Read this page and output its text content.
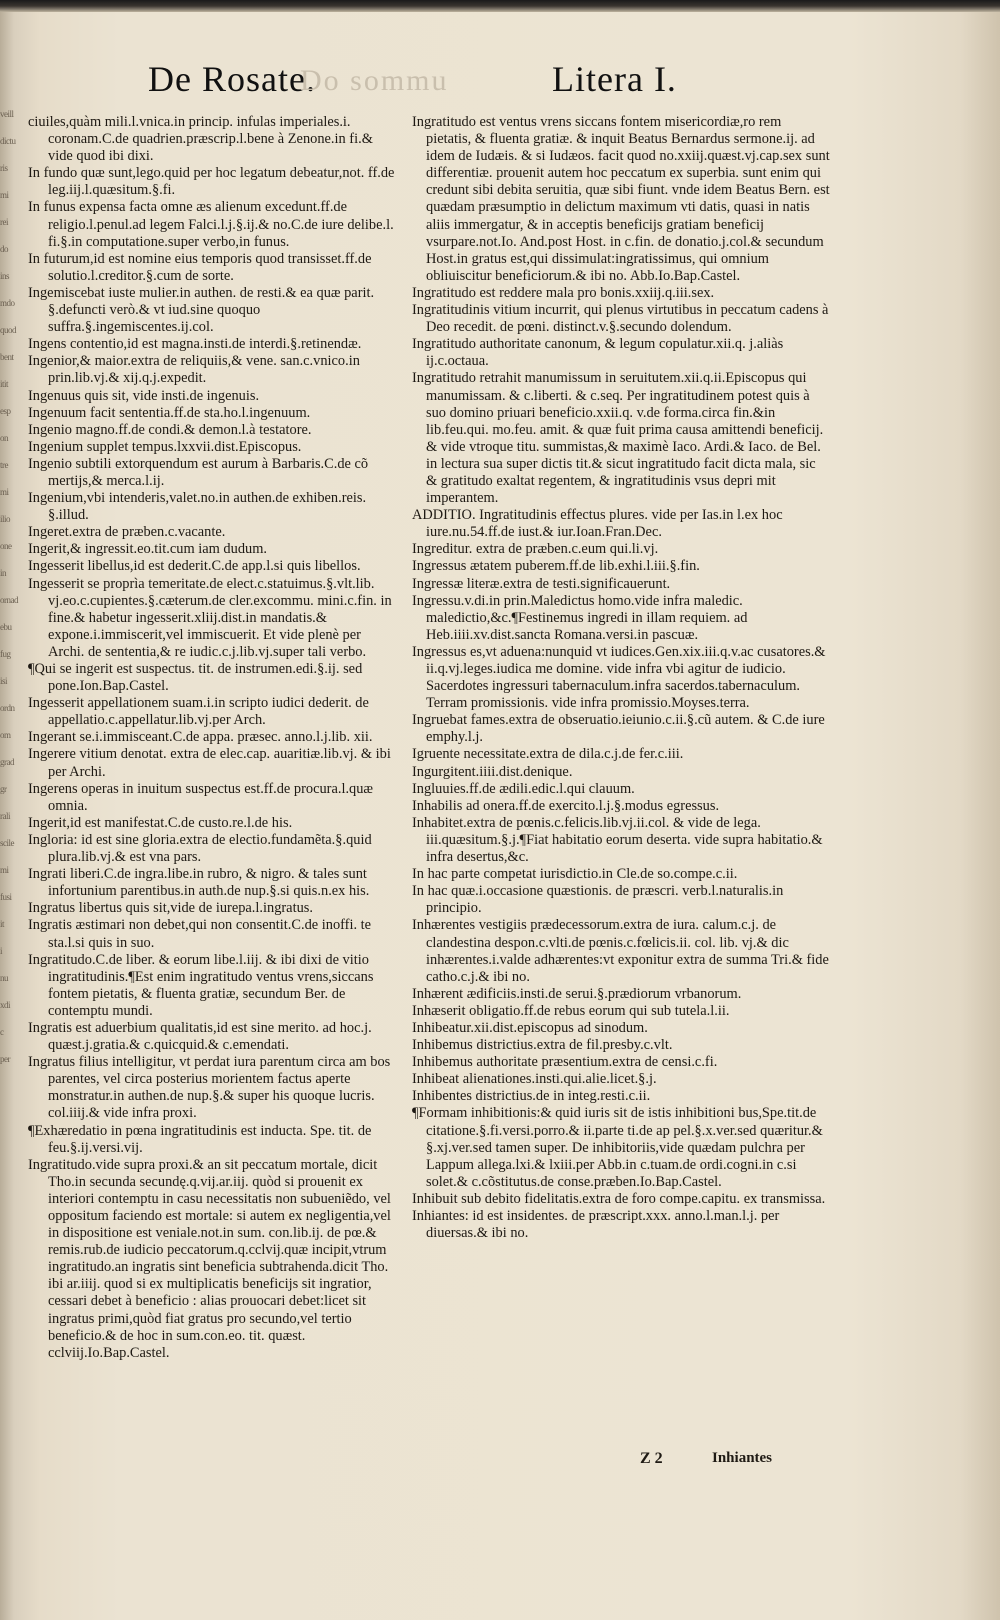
veill
dictu
ris
mi
rei
do
ins
mdo
quod
bent
itit
esp
on
tre
mi
ilio
one
in
ornad
ebu
fug
isi
ordn
om
grad
gr
rali
scile
mi
fusi
it
i
nu
xdi
c
per
De Rosate.
Do sommu	Litera I.

ciuiles,quàm mili.l.vnica.in princip. infulas imperiales.i. coronam.C.de quadrien.præscrip.l.bene à Zenone.in fi.& vide quod ibi dixi.

In fundo quæ sunt,lego.quid per hoc legatum debeatur,not. ff.de leg.iij.l.quæsitum.§.fi.

In funus expensa facta omne æs alienum excedunt.ff.de religio.l.penul.ad legem Falci.l.j.§.ij.& no.C.de iure delibe.l. fi.§.in computatione.super verbo,in funus.

In futurum,id est nomine eius temporis quod transisset.ff.de solutio.l.creditor.§.cum de sorte.

Ingemiscebat iuste mulier.in authen. de resti.& ea quæ parit. §.defuncti verò.& vt iud.sine quoquo suffra.§.ingemiscentes.ij.col.

Ingens contentio,id est magna.insti.de interdi.§.retinendæ.

Ingenior,& maior.extra de reliquiis,& vene. san.c.vnico.in prin.lib.vj.& xij.q.j.expedit.

Ingenuus quis sit, vide insti.de ingenuis.

Ingenuum facit sententia.ff.de sta.ho.l.ingenuum.

Ingenio magno.ff.de condi.& demon.l.à testatore.

Ingenium supplet tempus.lxxvii.dist.Episcopus.

Ingenio subtili extorquendum est aurum à Barbaris.C.de cõ mertijs,& merca.l.ij.

Ingenium,vbi intenderis,valet.no.in authen.de exhiben.reis. §.illud.

Ingeret.extra de præben.c.vacante.

Ingerit,& ingressit.eo.tit.cum iam dudum.

Ingesserit libellus,id est dederit.C.de app.l.si quis libellos.

Ingesserit se proprìa temeritate.de elect.c.statuimus.§.vlt.lib. vj.eo.c.cupientes.§.cæterum.de cler.excommu. mini.c.fin. in fine.& habetur ingesserit.xliij.dist.in mandatis.& expone.i.immiscerit,vel immiscuerit. Et vide plenè per Archi. de sententia,& re iudic.c.j.lib.vj.super tali verbo.

¶Qui se ingerit est suspectus. tit. de instrumen.edi.§.ij. sed pone.Ion.Bap.Castel.

Ingesserit appellationem suam.i.in scripto iudici dederit. de appellatio.c.appellatur.lib.vj.per Arch.

Ingerant se.i.immisceant.C.de appa. præsec. anno.l.j.lib. xii.

Ingerere vitium denotat. extra de elec.cap. auaritiæ.lib.vj. & ibi per Archi.

Ingerens operas in inuitum suspectus est.ff.de procura.l.quæ omnia.

Ingerit,id est manifestat.C.de custo.re.l.de his.

Ingloria: id est sine gloria.extra de electio.fundamẽta.§.quid plura.lib.vj.& est vna pars.

Ingrati liberi.C.de ingra.libe.in rubro, & nigro. & tales sunt infortunium parentibus.in auth.de nup.§.si quis.n.ex his.

Ingratus libertus quis sit,vide de iurepa.l.ingratus.

Ingratis æstimari non debet,qui non consentit.C.de inoffi. te sta.l.si quis in suo.

Ingratitudo.C.de liber. & eorum libe.l.iij. & ibi dixi de vitio ingratitudinis.¶Est enim ingratitudo ventus vrens,siccans fontem pietatis, & fluenta gratiæ, secundum Ber. de contemptu mundi.

Ingratis est aduerbium qualitatis,id est sine merito. ad hoc.j. quæst.j.gratia.& c.quicquid.& c.emendati.

Ingratus filius intelligitur, vt perdat iura parentum circa am bos parentes, vel circa posterius morientem factus aperte monstratur.in authen.de nup.§.& super his quoque lucris. col.iiij.& vide infra proxi.

¶Exhæredatio in pœna ingratitudinis est inducta. Spe. tit. de feu.§.ij.versi.vij.

Ingratitudo.vide supra proxi.& an sit peccatum mortale, dicit Tho.in secunda secundę.q.vij.ar.iij. quòd si prouenit ex interiori contemptu in casu necessitatis non subueniẽdo, vel oppositum faciendo est mortale: si autem ex negligentia,vel in dispositione est veniale.not.in sum. con.lib.ij. de pœ.& remis.rub.de iudicio peccatorum.q.cclvij.quæ incipit,vtrum ingratitudo.an ingratis sint beneficia subtrahenda.dicit Tho. ibi ar.iiij. quod si ex multiplicatis beneficijs sit ingratior, cessari debet à beneficio : alias prouocari debet:licet sit ingratus primi,quòd fiat gratus pro secundo,vel tertio beneficio.& de hoc in sum.con.eo. tit. quæst. cclviij.Io.Bap.Castel.

Ingratitudo est ventus vrens siccans fontem misericordiæ,ro rem pietatis, & fluenta gratiæ. & inquit Beatus Bernardus sermone.ij. ad idem de Iudæis. & si Iudæos. facit quod no.xxiij.quæst.vj.cap.sex sunt differentiæ. prouenit autem hoc peccatum ex superbia. sunt enim qui credunt sibi debita seruitia, quæ sibi fiunt. vnde idem Beatus Bern. est quædam præsumptio in delictum maximum vti datis, quasi in natis aliis immergatur, & in acceptis beneficijs gratiam beneficij vsurpare.not.Io. And.post Host. in c.fin. de donatio.j.col.& secundum Host.in gratus est,qui dissimulat:ingratissimus, qui omnium obliuiscitur beneficiorum.& ibi no. Abb.Io.Bap.Castel.

Ingratitudo est reddere mala pro bonis.xxiij.q.iii.sex.

Ingratitudinis vitium incurrit, qui plenus virtutibus in peccatum cadens à Deo recedit. de pœni. distinct.v.§.secundo dolendum.

Ingratitudo authoritate canonum, & legum copulatur.xii.q. j.aliàs ij.c.octaua.

Ingratitudo retrahit manumissum in seruitutem.xii.q.ii.Episcopus qui manumissam. & c.liberti. & c.seq. Per ingratitudinem potest quis à suo domino priuari beneficio.xxii.q. v.de forma.circa fin.&in lib.feu.qui. mo.feu. amit. & quæ fuit prima causa amittendi beneficij. & vide vtroque titu. summistas,& maximè Iaco. Ardi.& Iaco. de Bel. in lectura sua super dictis tit.& sicut ingratitudo facit dicta mala, sic & gratitudo exaltat regentem, & ingratitudinis vsus depri mit imperantem.

ADDITIO. Ingratitudinis effectus plures. vide per Ias.in l.ex hoc iure.nu.54.ff.de iust.& iur.Ioan.Fran.Dec.

Ingreditur. extra de præben.c.eum qui.li.vj.

Ingressus ætatem puberem.ff.de lib.exhi.l.iii.§.fin.

Ingressæ literæ.extra de testi.significauerunt.

Ingressu.v.di.in prin.Maledictus homo.vide infra maledic. maledictio,&c.¶Festinemus ingredi in illam requiem. ad Heb.iiii.xv.dist.sancta Romana.versi.in pascuæ.

Ingressus es,vt aduena:nunquid vt iudices.Gen.xix.iii.q.v.ac cusatores.& ii.q.vj.leges.iudica me domine. vide infra vbi agitur de iudicio. Sacerdotes ingressuri tabernaculum.infra sacerdos.tabernaculum. Terram promissionis. vide infra promissio.Moyses.terra.

Ingruebat fames.extra de obseruatio.ieiunio.c.ii.§.cũ autem. & C.de iure emphy.l.j.

Igruente necessitate.extra de dila.c.j.de fer.c.iii.

Ingurgitent.iiii.dist.denique.

Ingluuies.ff.de ædili.edic.l.qui clauum.

Inhabilis ad onera.ff.de exercito.l.j.§.modus egressus.

Inhabitet.extra de pœnis.c.felicis.lib.vj.ii.col. & vide de lega. iii.quæsitum.§.j.¶Fiat habitatio eorum deserta. vide supra habitatio.& infra desertus,&c.

In hac parte competat iurisdictio.in Cle.de so.compe.c.ii.

In hac quæ.i.occasione quæstionis. de præscri. verb.l.naturalis.in principio.

Inhærentes vestigiis prædecessorum.extra de iura. calum.c.j. de clandestina despon.c.vlti.de pœnis.c.fœlicis.ii. col. lib. vj.& dic inhærentes.i.valde adhærentes:vt exponitur extra de summa Tri.& fide catho.c.j.& ibi no.

Inhærent ædificiis.insti.de serui.§.prædiorum vrbanorum.

Inhæserit obligatio.ff.de rebus eorum qui sub tutela.l.ii.

Inhibeatur.xii.dist.episcopus ad sinodum.

Inhibemus districtius.extra de fil.presby.c.vlt.

Inhibemus authoritate præsentium.extra de censi.c.fi.

Inhibeat alienationes.insti.qui.alie.licet.§.j.

Inhibentes districtius.de in integ.resti.c.ii.

¶Formam inhibitionis:& quid iuris sit de istis inhibitioni bus,Spe.tit.de citatione.§.fi.versi.porro.& ii.parte ti.de ap pel.§.x.ver.sed quæritur.& §.xj.ver.sed tamen super. De inhibitoriis,vide quædam pulchra per Lappum allega.lxi.& lxiii.per Abb.in c.tuam.de ordi.cogni.in c.si solet.& c.cõstitutus.de conse.præben.Io.Bap.Castel.

Inhibuit sub debito fidelitatis.extra de foro compe.capitu. ex transmissa.

Inhiantes: id est insidentes. de præscript.xxx. anno.l.man.l.j. per diuersas.& ibi no.

Z 2	Inhiantes
